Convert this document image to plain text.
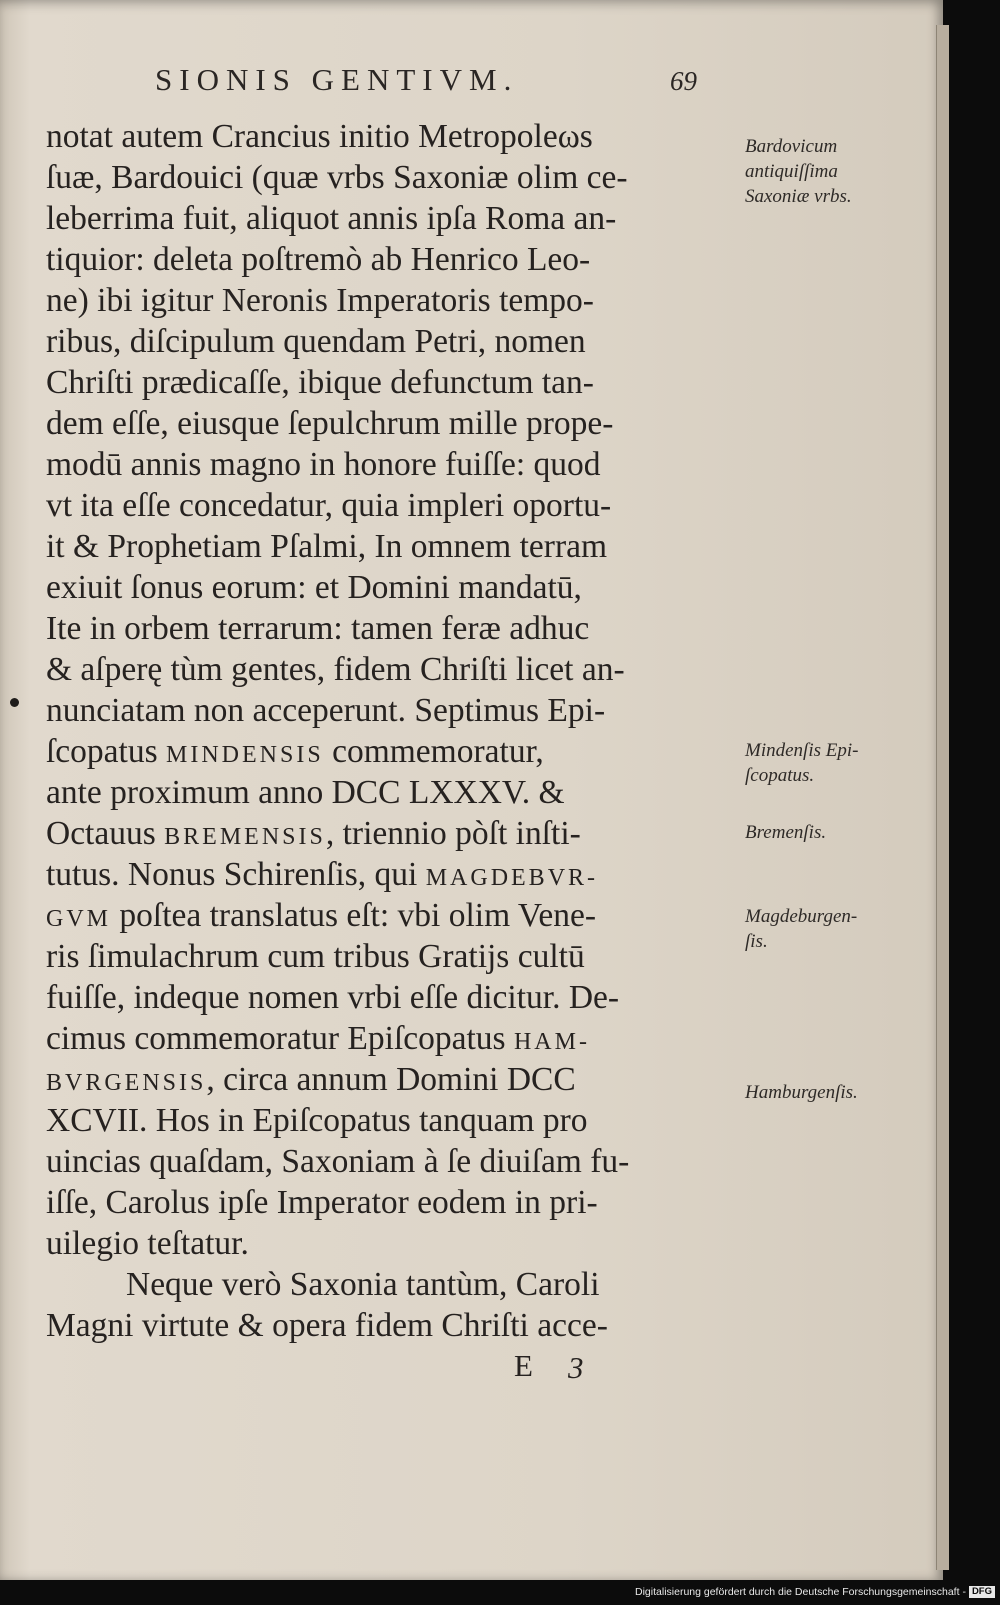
SIONIS GENTIVM.	69
notat autem Crancius initio Metropoleωs
ſuæ, Bardouici (quæ vrbs Saxoniæ olim ce-
leberrima fuit, aliquot annis ipſa Roma an-
tiquior: deleta poſtremò ab Henrico Leo-
ne) ibi igitur Neronis Imperatoris tempo-
ribus, diſcipulum quendam Petri, nomen
Chriſti prædicaſſe, ibique defunctum tan-
dem eſſe, eiusque ſepulchrum mille prope-
modū annis magno in honore fuiſſe: quod
vt ita eſſe concedatur, quia impleri oportu-
it & Prophetiam Pſalmi, In omnem terram
exiuit ſonus eorum: et Domini mandatū,
Ite in orbem terrarum: tamen feræ adhuc
& aſperę tùm gentes, fidem Chriſti licet an-
nunciatam non acceperunt. Septimus Epi-
ſcopatus MINDENSIS commemoratur,
ante proximum anno DCC LXXXV. &
Octauus BREMENSIS, triennio pòſt inſti-
tutus. Nonus Schirenſis, qui MAGDEBVR-
GVM poſtea translatus eſt: vbi olim Vene-
ris ſimulachrum cum tribus Gratijs cultū
fuiſſe, indeque nomen vrbi eſſe dicitur. De-
cimus commemoratur Epiſcopatus HAM-
BVRGENSIS, circa annum Domini DCC
XCVII. Hos in Epiſcopatus tanquam pro
uincias quaſdam, Saxoniam à ſe diuiſam fu-
iſſe, Carolus ipſe Imperator eodem in pri-
uilegio teſtatur.
Neque verò Saxonia tantùm, Caroli
Magni virtute & opera fidem Chriſti acce-
Bardovicum
antiquiſſima
Saxoniæ vrbs.
Mindenſis Epi-
ſcopatus.
Bremenſis.
Magdeburgen-
ſis.
Hamburgenſis.
E 3
Digitalisierung gefördert durch die Deutsche Forschungsgemeinschaft - DFG
